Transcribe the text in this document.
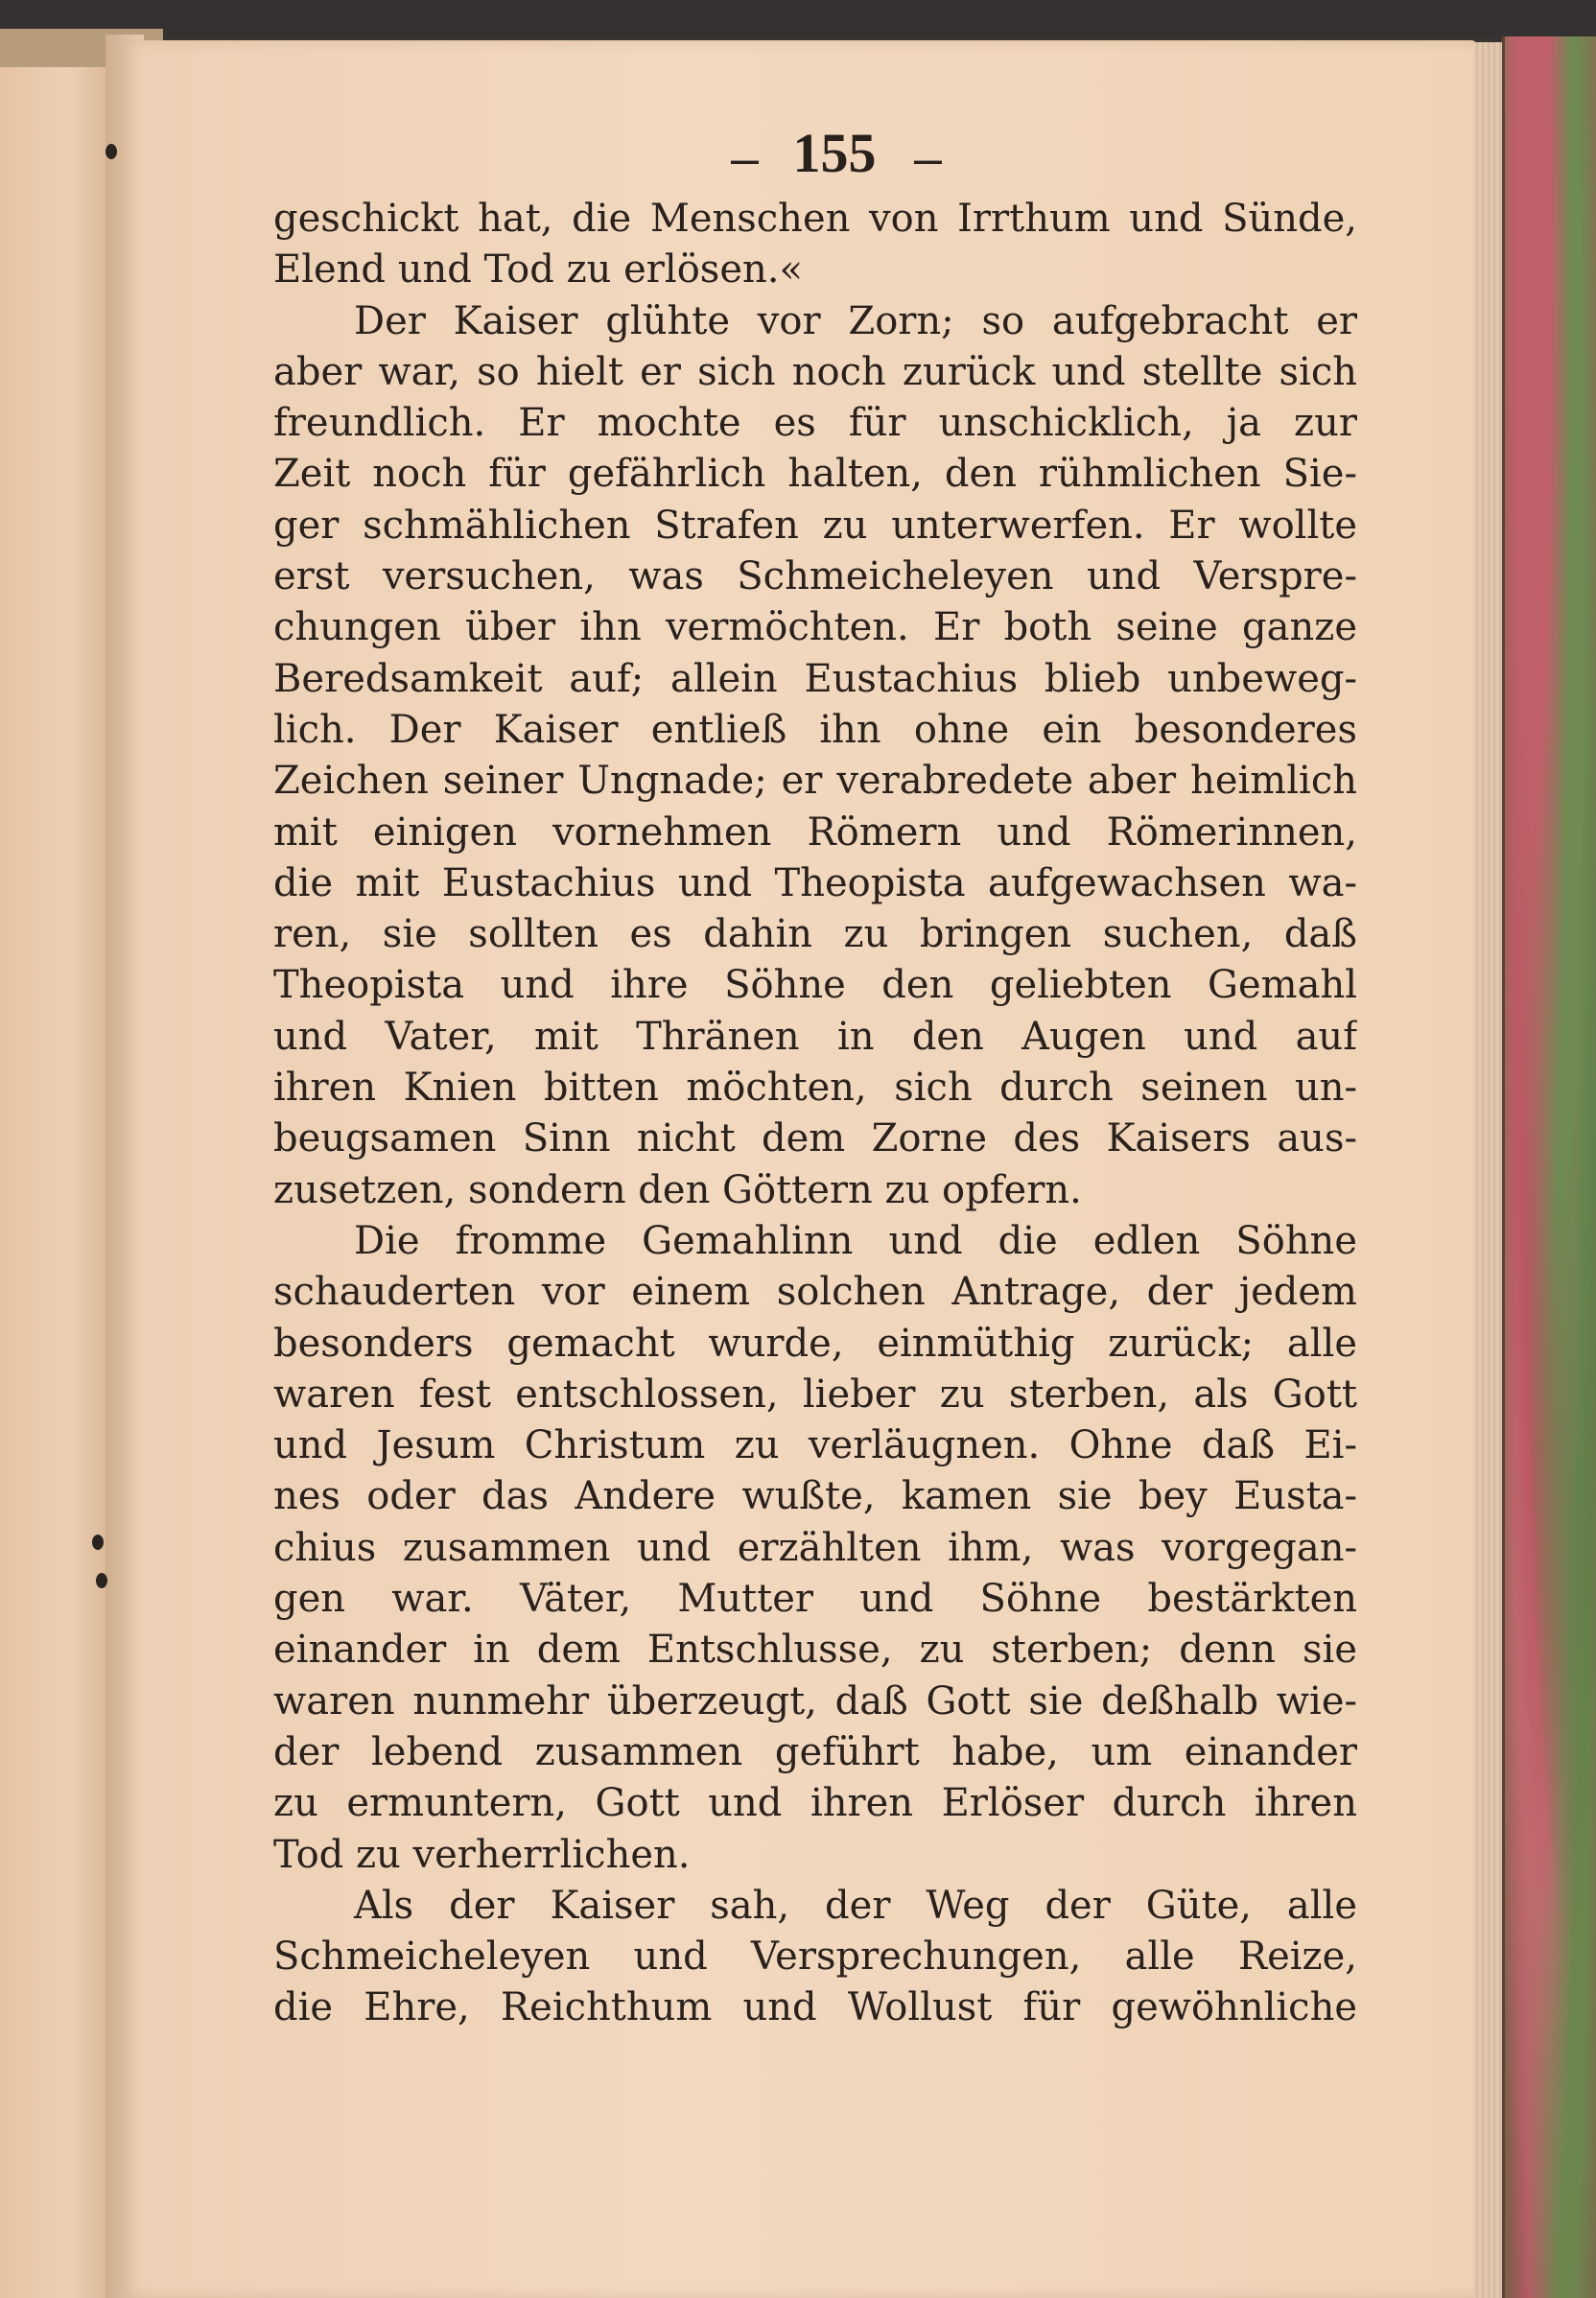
--- 155 ---
geschickt hat, die Menschen von Irrthum und Sünde,
Elend und Tod zu erlösen.«
Der Kaiser glühte vor Zorn; so aufgebracht er
aber war, so hielt er sich noch zurück und stellte sich
freundlich. Er mochte es für unschicklich, ja zur
Zeit noch für gefährlich halten, den rühmlichen Sie-
ger schmählichen Strafen zu unterwerfen. Er wollte
erst versuchen, was Schmeicheleyen und Verspre-
chungen über ihn vermöchten. Er both seine ganze
Beredsamkeit auf; allein Eustachius blieb unbeweg-
lich. Der Kaiser entließ ihn ohne ein besonderes
Zeichen seiner Ungnade; er verabredete aber heimlich
mit einigen vornehmen Römern und Römerinnen,
die mit Eustachius und Theopista aufgewachsen wa-
ren, sie sollten es dahin zu bringen suchen, daß
Theopista und ihre Söhne den geliebten Gemahl
und Vater, mit Thränen in den Augen und auf
ihren Knien bitten möchten, sich durch seinen un-
beugsamen Sinn nicht dem Zorne des Kaisers aus-
zusetzen, sondern den Göttern zu opfern.
Die fromme Gemahlinn und die edlen Söhne
schauderten vor einem solchen Antrage, der jedem
besonders gemacht wurde, einmüthig zurück; alle
waren fest entschlossen, lieber zu sterben, als Gott
und Jesum Christum zu verläugnen. Ohne daß Ei-
nes oder das Andere wußte, kamen sie bey Eusta-
chius zusammen und erzählten ihm, was vorgegan-
gen war. Väter, Mutter und Söhne bestärkten
einander in dem Entschlusse, zu sterben; denn sie
waren nunmehr überzeugt, daß Gott sie deßhalb wie-
der lebend zusammen geführt habe, um einander
zu ermuntern, Gott und ihren Erlöser durch ihren
Tod zu verherrlichen.
Als der Kaiser sah, der Weg der Güte, alle
Schmeicheleyen und Versprechungen, alle Reize,
die Ehre, Reichthum und Wollust für gewöhnliche
